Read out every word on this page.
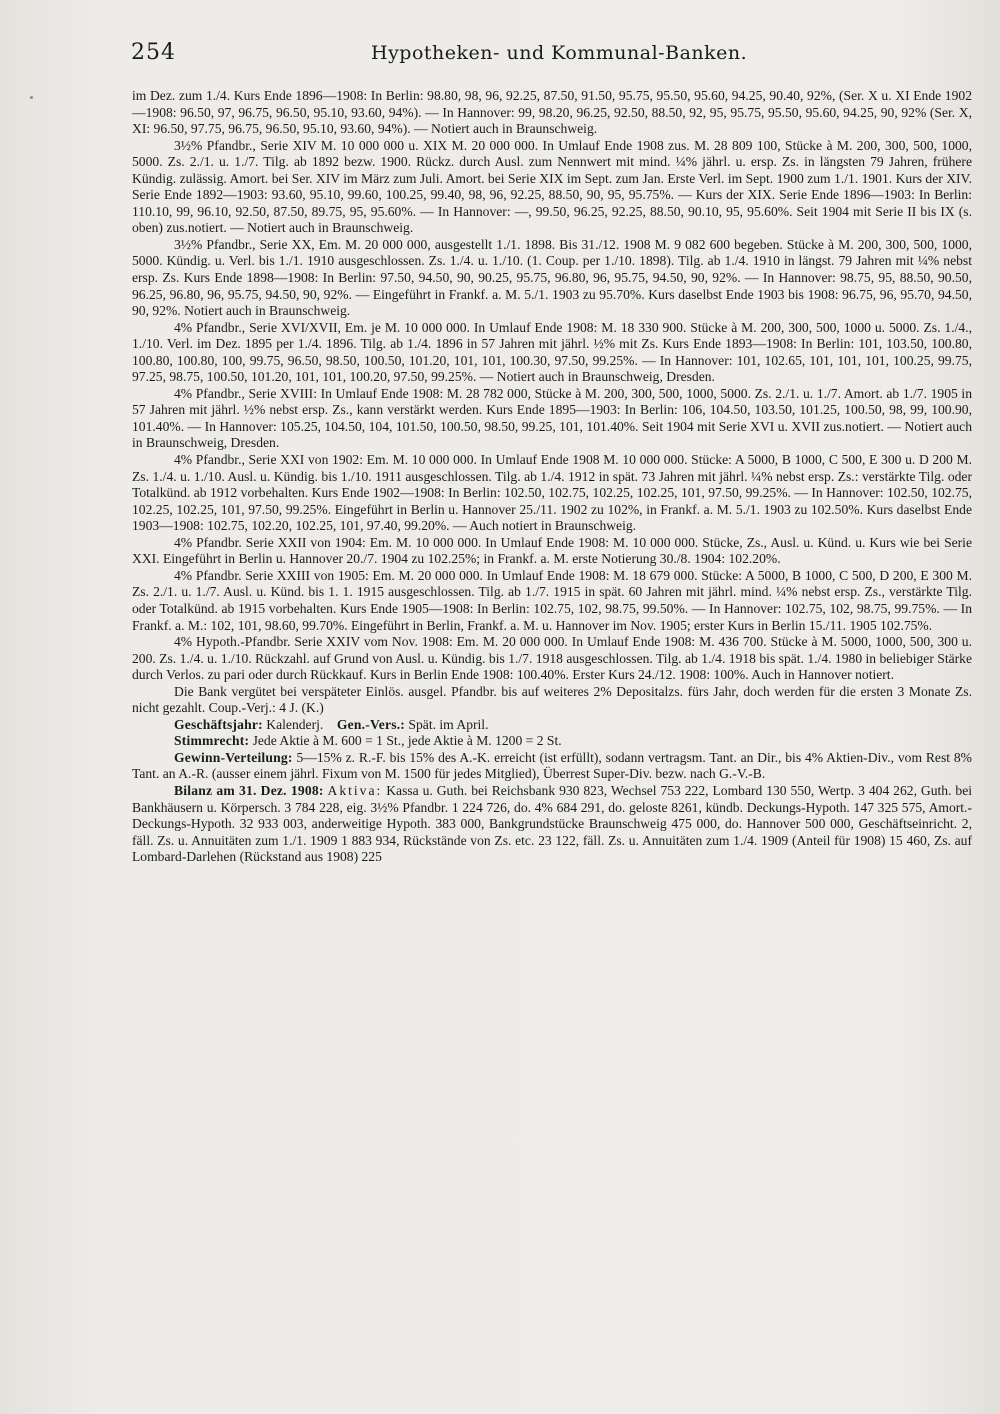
254	Hypotheken- und Kommunal-Banken.

im Dez. zum 1./4. Kurs Ende 1896—1908: In Berlin: 98.80, 98, 96, 92.25, 87.50, 91.50, 95.75, 95.50, 95.60, 94.25, 90.40, 92%, (Ser. X u. XI Ende 1902—1908: 96.50, 97, 96.75, 96.50, 95.10, 93.60, 94%). — In Hannover: 99, 98.20, 96.25, 92.50, 88.50, 92, 95, 95.75, 95.50, 95.60, 94.25, 90, 92% (Ser. X, XI: 96.50, 97.75, 96.75, 96.50, 95.10, 93.60, 94%). — Notiert auch in Braunschweig.

3½% Pfandbr., Serie XIV M. 10 000 000 u. XIX M. 20 000 000. In Umlauf Ende 1908 zus. M. 28 809 100, Stücke à M. 200, 300, 500, 1000, 5000. Zs. 2./1. u. 1./7. Tilg. ab 1892 bezw. 1900. Rückz. durch Ausl. zum Nennwert mit mind. ¼% jährl. u. ersp. Zs. in längsten 79 Jahren, frühere Kündig. zulässig. Amort. bei Ser. XIV im März zum Juli. Amort. bei Serie XIX im Sept. zum Jan. Erste Verl. im Sept. 1900 zum 1./1. 1901. Kurs der XIV. Serie Ende 1892—1903: 93.60, 95.10, 99.60, 100.25, 99.40, 98, 96, 92.25, 88.50, 90, 95, 95.75%. — Kurs der XIX. Serie Ende 1896—1903: In Berlin: 110.10, 99, 96.10, 92.50, 87.50, 89.75, 95, 95.60%. — In Hannover: —, 99.50, 96.25, 92.25, 88.50, 90.10, 95, 95.60%. Seit 1904 mit Serie II bis IX (s. oben) zus.notiert. — Notiert auch in Braunschweig.

3½% Pfandbr., Serie XX, Em. M. 20 000 000, ausgestellt 1./1. 1898. Bis 31./12. 1908 M. 9 082 600 begeben. Stücke à M. 200, 300, 500, 1000, 5000. Kündig. u. Verl. bis 1./1. 1910 ausgeschlossen. Zs. 1./4. u. 1./10. (1. Coup. per 1./10. 1898). Tilg. ab 1./4. 1910 in längst. 79 Jahren mit ¼% nebst ersp. Zs. Kurs Ende 1898—1908: In Berlin: 97.50, 94.50, 90, 90.25, 95.75, 96.80, 96, 95.75, 94.50, 90, 92%. — In Hannover: 98.75, 95, 88.50, 90.50, 96.25, 96.80, 96, 95.75, 94.50, 90, 92%. — Eingeführt in Frankf. a. M. 5./1. 1903 zu 95.70%. Kurs daselbst Ende 1903 bis 1908: 96.75, 96, 95.70, 94.50, 90, 92%. Notiert auch in Braunschweig.

4% Pfandbr., Serie XVI/XVII, Em. je M. 10 000 000. In Umlauf Ende 1908: M. 18 330 900. Stücke à M. 200, 300, 500, 1000 u. 5000. Zs. 1./4., 1./10. Verl. im Dez. 1895 per 1./4. 1896. Tilg. ab 1./4. 1896 in 57 Jahren mit jährl. ½% mit Zs. Kurs Ende 1893—1908: In Berlin: 101, 103.50, 100.80, 100.80, 100.80, 100, 99.75, 96.50, 98.50, 100.50, 101.20, 101, 101, 100.30, 97.50, 99.25%. — In Hannover: 101, 102.65, 101, 101, 101, 100.25, 99.75, 97.25, 98.75, 100.50, 101.20, 101, 101, 100.20, 97.50, 99.25%. — Notiert auch in Braunschweig, Dresden.

4% Pfandbr., Serie XVIII: In Umlauf Ende 1908: M. 28 782 000, Stücke à M. 200, 300, 500, 1000, 5000. Zs. 2./1. u. 1./7. Amort. ab 1./7. 1905 in 57 Jahren mit jährl. ½% nebst ersp. Zs., kann verstärkt werden. Kurs Ende 1895—1903: In Berlin: 106, 104.50, 103.50, 101.25, 100.50, 98, 99, 100.90, 101.40%. — In Hannover: 105.25, 104.50, 104, 101.50, 100.50, 98.50, 99.25, 101, 101.40%. Seit 1904 mit Serie XVI u. XVII zus.notiert. — Notiert auch in Braunschweig, Dresden.

4% Pfandbr., Serie XXI von 1902: Em. M. 10 000 000. In Umlauf Ende 1908 M. 10 000 000. Stücke: A 5000, B 1000, C 500, E 300 u. D 200 M. Zs. 1./4. u. 1./10. Ausl. u. Kündig. bis 1./10. 1911 ausgeschlossen. Tilg. ab 1./4. 1912 in spät. 73 Jahren mit jährl. ¼% nebst ersp. Zs.: verstärkte Tilg. oder Totalkünd. ab 1912 vorbehalten. Kurs Ende 1902—1908: In Berlin: 102.50, 102.75, 102.25, 102.25, 101, 97.50, 99.25%. — In Hannover: 102.50, 102.75, 102.25, 102.25, 101, 97.50, 99.25%. Eingeführt in Berlin u. Hannover 25./11. 1902 zu 102%, in Frankf. a. M. 5./1. 1903 zu 102.50%. Kurs daselbst Ende 1903—1908: 102.75, 102.20, 102.25, 101, 97.40, 99.20%. — Auch notiert in Braunschweig.

4% Pfandbr. Serie XXII von 1904: Em. M. 10 000 000. In Umlauf Ende 1908: M. 10 000 000. Stücke, Zs., Ausl. u. Künd. u. Kurs wie bei Serie XXI. Eingeführt in Berlin u. Hannover 20./7. 1904 zu 102.25%; in Frankf. a. M. erste Notierung 30./8. 1904: 102.20%.

4% Pfandbr. Serie XXIII von 1905: Em. M. 20 000 000. In Umlauf Ende 1908: M. 18 679 000. Stücke: A 5000, B 1000, C 500, D 200, E 300 M. Zs. 2./1. u. 1./7. Ausl. u. Künd. bis 1. 1. 1915 ausgeschlossen. Tilg. ab 1./7. 1915 in spät. 60 Jahren mit jährl. mind. ¼% nebst ersp. Zs., verstärkte Tilg. oder Totalkünd. ab 1915 vorbehalten. Kurs Ende 1905—1908: In Berlin: 102.75, 102, 98.75, 99.50%. — In Hannover: 102.75, 102, 98.75, 99.75%. — In Frankf. a. M.: 102, 101, 98.60, 99.70%. Eingeführt in Berlin, Frankf. a. M. u. Hannover im Nov. 1905; erster Kurs in Berlin 15./11. 1905 102.75%.

4% Hypoth.-Pfandbr. Serie XXIV vom Nov. 1908: Em. M. 20 000 000. In Umlauf Ende 1908: M. 436 700. Stücke à M. 5000, 1000, 500, 300 u. 200. Zs. 1./4. u. 1./10. Rückzahl. auf Grund von Ausl. u. Kündig. bis 1./7. 1918 ausgeschlossen. Tilg. ab 1./4. 1918 bis spät. 1./4. 1980 in beliebiger Stärke durch Verlos. zu pari oder durch Rückkauf. Kurs in Berlin Ende 1908: 100.40%. Erster Kurs 24./12. 1908: 100%. Auch in Hannover notiert.

Die Bank vergütet bei verspäteter Einlös. ausgel. Pfandbr. bis auf weiteres 2% Depositalzs. fürs Jahr, doch werden für die ersten 3 Monate Zs. nicht gezahlt. Coup.-Verj.: 4 J. (K.)

Geschäftsjahr: Kalenderj. Gen.-Vers.: Spät. im April.

Stimmrecht: Jede Aktie à M. 600 = 1 St., jede Aktie à M. 1200 = 2 St.

Gewinn-Verteilung: 5—15% z. R.-F. bis 15% des A.-K. erreicht (ist erfüllt), sodann vertragsm. Tant. an Dir., bis 4% Aktien-Div., vom Rest 8% Tant. an A.-R. (ausser einem jährl. Fixum von M. 1500 für jedes Mitglied), Überrest Super-Div. bezw. nach G.-V.-B.

Bilanz am 31. Dez. 1908: Aktiva: Kassa u. Guth. bei Reichsbank 930 823, Wechsel 753 222, Lombard 130 550, Wertp. 3 404 262, Guth. bei Bankhäusern u. Körpersch. 3 784 228, eig. 3½% Pfandbr. 1 224 726, do. 4% 684 291, do. geloste 8261, kündb. Deckungs-Hypoth. 147 325 575, Amort.-Deckungs-Hypoth. 32 933 003, anderweitige Hypoth. 383 000, Bankgrundstücke Braunschweig 475 000, do. Hannover 500 000, Geschäftseinricht. 2, fäll. Zs. u. Annuitäten zum 1./1. 1909 1 883 934, Rückstände von Zs. etc. 23 122, fäll. Zs. u. Annuitäten zum 1./4. 1909 (Anteil für 1908) 15 460, Zs. auf Lombard-Darlehen (Rückstand aus 1908) 225
